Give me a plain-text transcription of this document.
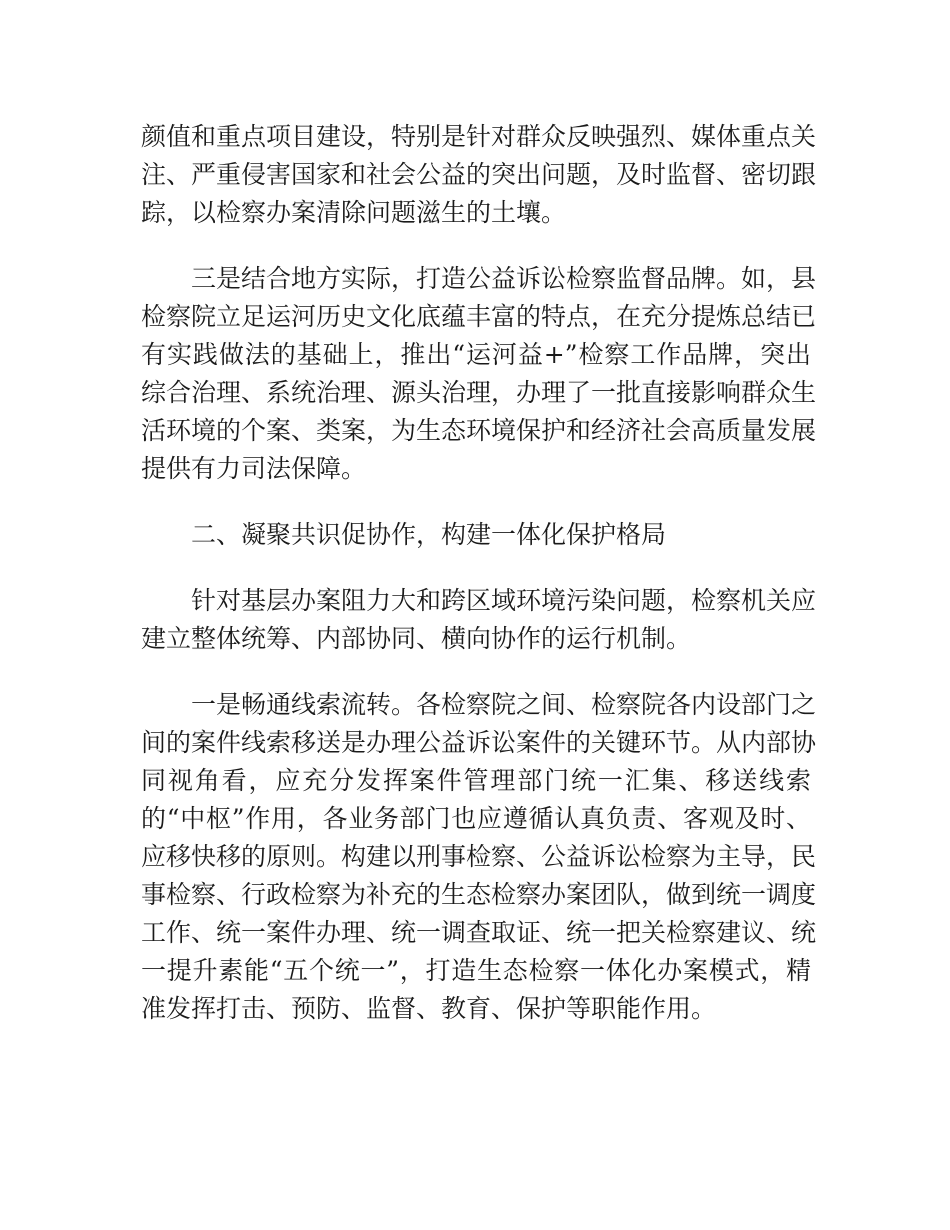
颜值和重点项目建设，特别是针对群众反映强烈、媒体重点关
注、严重侵害国家和社会公益的突出问题，及时监督、密切跟
踪，以检察办案清除问题滋生的土壤。
三是结合地方实际，打造公益诉讼检察监督品牌。如，县
检察院立足运河历史文化底蕴丰富的特点，在充分提炼总结已
有实践做法的基础上，推出“运河益+”检察工作品牌，突出
综合治理、系统治理、源头治理，办理了一批直接影响群众生
活环境的个案、类案，为生态环境保护和经济社会高质量发展
提供有力司法保障。
二、凝聚共识促协作，构建一体化保护格局
针对基层办案阻力大和跨区域环境污染问题，检察机关应
建立整体统筹、内部协同、横向协作的运行机制。
一是畅通线索流转。各检察院之间、检察院各内设部门之
间的案件线索移送是办理公益诉讼案件的关键环节。从内部协
同视角看，应充分发挥案件管理部门统一汇集、移送线索
的“中枢”作用，各业务部门也应遵循认真负责、客观及时、
应移快移的原则。构建以刑事检察、公益诉讼检察为主导，民
事检察、行政检察为补充的生态检察办案团队，做到统一调度
工作、统一案件办理、统一调查取证、统一把关检察建议、统
一提升素能“五个统一”，打造生态检察一体化办案模式，精
准发挥打击、预防、监督、教育、保护等职能作用。
